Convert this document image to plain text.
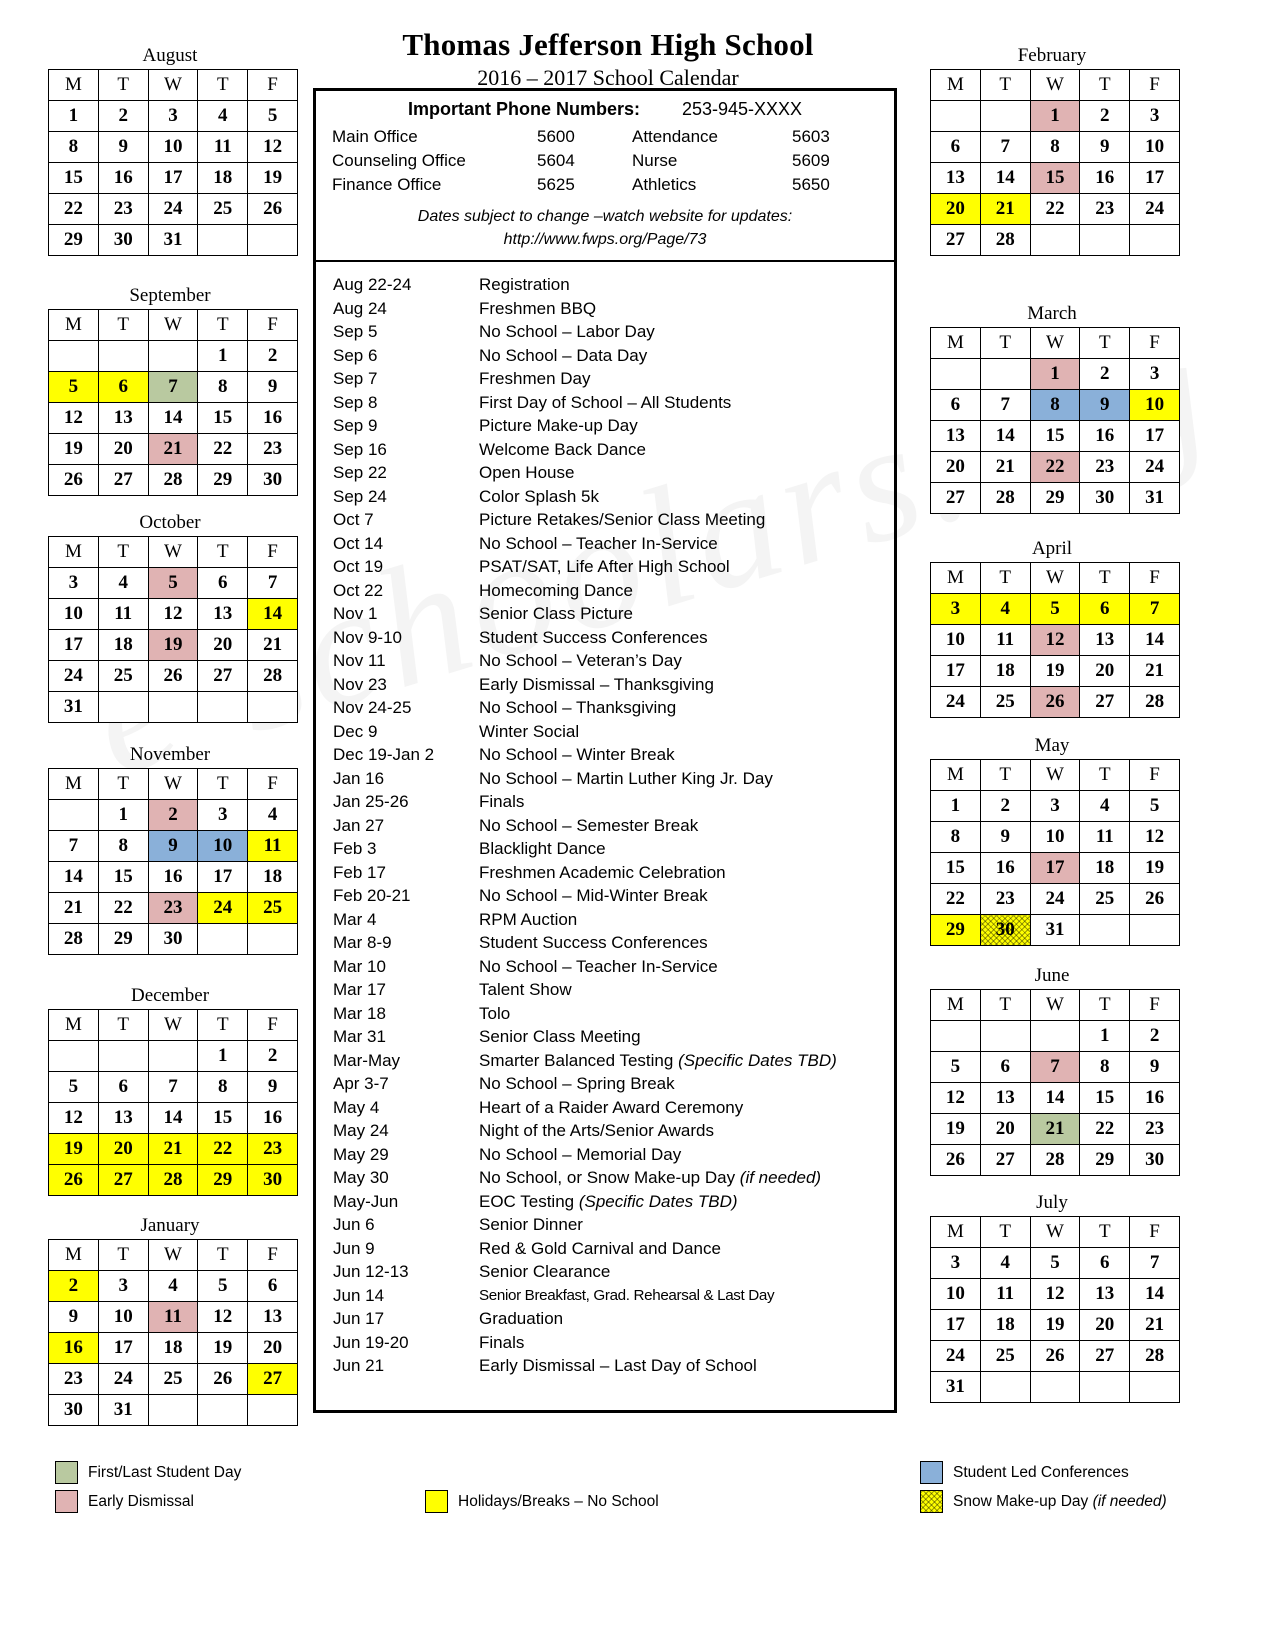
Thomas Jefferson High School
2016 – 2017 School Calendar
Important Phone Numbers: 253-945-XXXX
Main Office	5600	Attendance	5603
Counseling Office	5604	Nurse	5609
Finance Office	5625	Athletics	5650
Dates subject to change –watch website for updates:
http://www.fwps.org/Page/73
Aug 22-24	Registration
Aug 24	Freshmen BBQ
Sep 5	No School – Labor Day
Sep 6	No School – Data Day
Sep 7	Freshmen Day
Sep 8	First Day of School – All Students
Sep 9	Picture Make-up Day
Sep 16	Welcome Back Dance
Sep 22	Open House
Sep 24	Color Splash 5k
Oct 7	Picture Retakes/Senior Class Meeting
Oct 14	No School – Teacher In-Service
Oct 19	PSAT/SAT, Life After High School
Oct 22	Homecoming Dance
Nov 1	Senior Class Picture
Nov 9-10	Student Success Conferences
Nov 11	No School – Veteran’s Day
Nov 23	Early Dismissal – Thanksgiving
Nov 24-25	No School – Thanksgiving
Dec 9	Winter Social
Dec 19-Jan 2	No School – Winter Break
Jan 16	No School – Martin Luther King Jr. Day
Jan 25-26	Finals
Jan 27	No School – Semester Break
Feb 3	Blacklight Dance
Feb 17	Freshmen Academic Celebration
Feb 20-21	No School – Mid-Winter Break
Mar 4	RPM Auction
Mar 8-9	Student Success Conferences
Mar 10	No School – Teacher In-Service
Mar 17	Talent Show
Mar 18	Tolo
Mar 31	Senior Class Meeting
Mar-May	Smarter Balanced Testing (Specific Dates TBD)
Apr 3-7	No School – Spring Break
May 4	Heart of a Raider Award Ceremony
May 24	Night of the Arts/Senior Awards
May 29	No School – Memorial Day
May 30	No School, or Snow Make-up Day (if needed)
May-Jun	EOC Testing (Specific Dates TBD)
Jun 6	Senior Dinner
Jun 9	Red & Gold Carnival and Dance
Jun 12-13	Senior Clearance
Jun 14	Senior Breakfast, Grad. Rehearsal & Last Day
Jun 17	Graduation
Jun 19-20	Finals
Jun 21	Early Dismissal – Last Day of School
August
M	T	W	T	F
1	2	3	4	5
8	9	10	11	12
15	16	17	18	19
22	23	24	25	26
29	30	31		
September
M	T	W	T	F
			1	2
5	6	7	8	9
12	13	14	15	16
19	20	21	22	23
26	27	28	29	30
October
M	T	W	T	F
3	4	5	6	7
10	11	12	13	14
17	18	19	20	21
24	25	26	27	28
31				
November
M	T	W	T	F
	1	2	3	4
7	8	9	10	11
14	15	16	17	18
21	22	23	24	25
28	29	30		
December
M	T	W	T	F
			1	2
5	6	7	8	9
12	13	14	15	16
19	20	21	22	23
26	27	28	29	30
January
M	T	W	T	F
2	3	4	5	6
9	10	11	12	13
16	17	18	19	20
23	24	25	26	27
30	31			
February
M	T	W	T	F
		1	2	3
6	7	8	9	10
13	14	15	16	17
20	21	22	23	24
27	28			
March
M	T	W	T	F
		1	2	3
6	7	8	9	10
13	14	15	16	17
20	21	22	23	24
27	28	29	30	31
April
M	T	W	T	F
3	4	5	6	7
10	11	12	13	14
17	18	19	20	21
24	25	26	27	28
May
M	T	W	T	F
1	2	3	4	5
8	9	10	11	12
15	16	17	18	19
22	23	24	25	26
29	30	31		
June
M	T	W	T	F
			1	2
5	6	7	8	9
12	13	14	15	16
19	20	21	22	23
26	27	28	29	30
July
M	T	W	T	F
3	4	5	6	7
10	11	12	13	14
17	18	19	20	21
24	25	26	27	28
31				
First/Last Student Day
Early Dismissal	Holidays/Breaks – No School
Student Led Conferences
Snow Make-up Day (if needed)
